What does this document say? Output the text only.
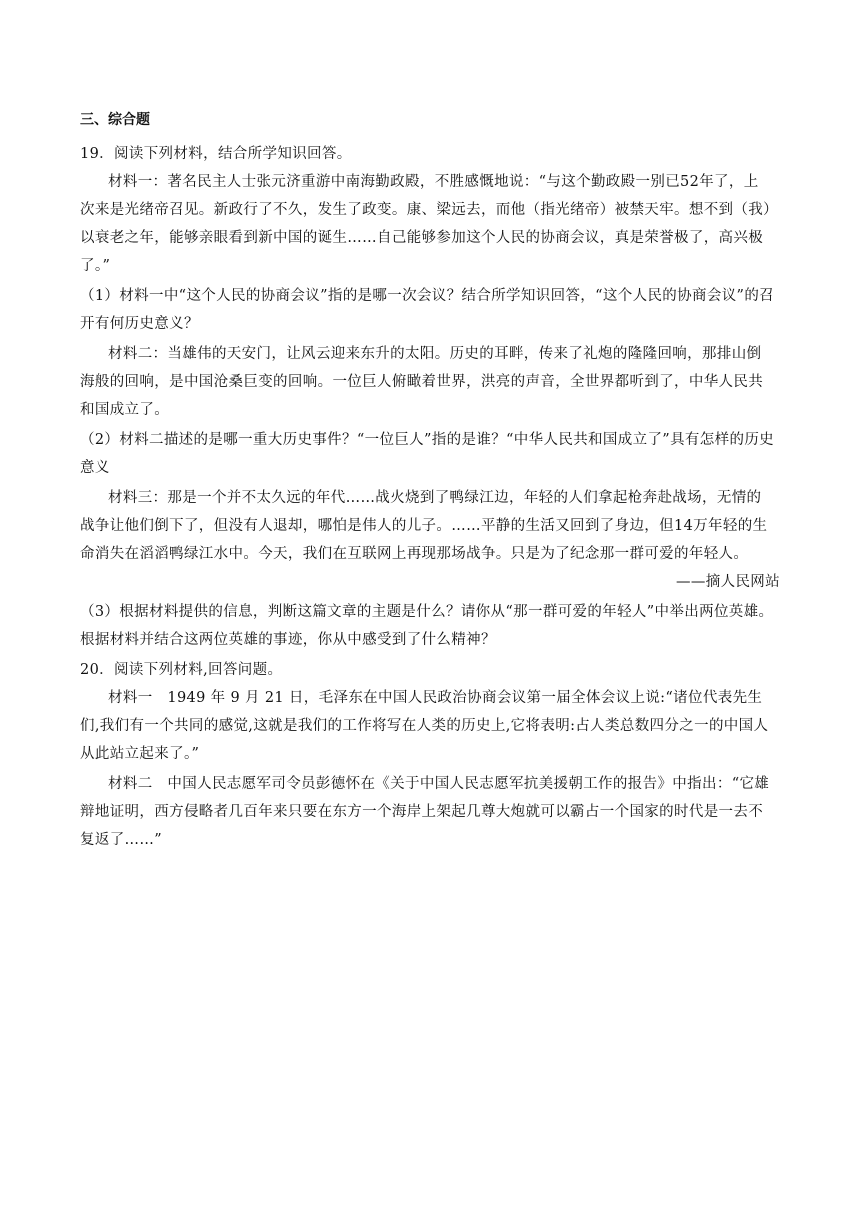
三、综合题
19．阅读下列材料，结合所学知识回答。
材料一：著名民主人士张元济重游中南海勤政殿，不胜感慨地说：“与这个勤政殿一别已52年了，上
次来是光绪帝召见。新政行了不久，发生了政变。康、梁远去，而他（指光绪帝）被禁天牢。想不到（我）
以衰老之年，能够亲眼看到新中国的诞生……自己能够参加这个人民的协商会议，真是荣誉极了，高兴极
了。”
（1）材料一中“这个人民的协商会议”指的是哪一次会议？结合所学知识回答，“这个人民的协商会议”的召
开有何历史意义？
材料二：当雄伟的天安门，让风云迎来东升的太阳。历史的耳畔，传来了礼炮的隆隆回响，那排山倒
海般的回响，是中国沧桑巨变的回响。一位巨人俯瞰着世界，洪亮的声音，全世界都听到了，中华人民共
和国成立了。
（2）材料二描述的是哪一重大历史事件？“一位巨人”指的是谁？“中华人民共和国成立了”具有怎样的历史
意义
材料三：那是一个并不太久远的年代……战火烧到了鸭绿江边，年轻的人们拿起枪奔赴战场，无情的
战争让他们倒下了，但没有人退却，哪怕是伟人的儿子。……平静的生活又回到了身边，但14万年轻的生
命消失在滔滔鸭绿江水中。今天，我们在互联网上再现那场战争。只是为了纪念那一群可爱的年轻人。
——摘人民网站
（3）根据材料提供的信息，判断这篇文章的主题是什么？请你从“那一群可爱的年轻人”中举出两位英雄。
根据材料并结合这两位英雄的事迹，你从中感受到了什么精神？
20．阅读下列材料,回答问题。
材料一　1949 年 9 月 21 日，毛泽东在中国人民政治协商会议第一届全体会议上说:“诸位代表先生
们,我们有一个共同的感觉,这就是我们的工作将写在人类的历史上,它将表明:占人类总数四分之一的中国人
从此站立起来了。”
材料二　中国人民志愿军司令员彭德怀在《关于中国人民志愿军抗美援朝工作的报告》中指出：“它雄
辩地证明，西方侵略者几百年来只要在东方一个海岸上架起几尊大炮就可以霸占一个国家的时代是一去不
复返了……”
